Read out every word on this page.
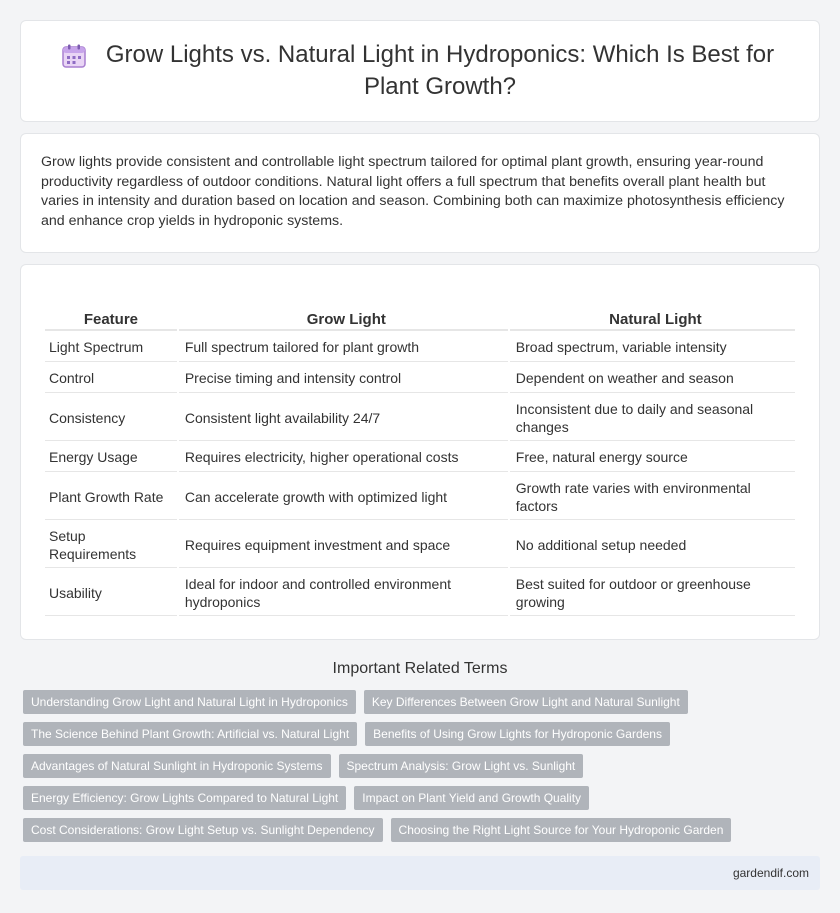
Grow Lights vs. Natural Light in Hydroponics: Which Is Best for Plant Growth?

Grow lights provide consistent and controllable light spectrum tailored for optimal plant growth, ensuring year-round productivity regardless of outdoor conditions. Natural light offers a full spectrum that benefits overall plant health but varies in intensity and duration based on location and season. Combining both can maximize photosynthesis efficiency and enhance crop yields in hydroponic systems.

Feature	Grow Light	Natural Light
Light Spectrum	Full spectrum tailored for plant growth	Broad spectrum, variable intensity
Control	Precise timing and intensity control	Dependent on weather and season
Consistency	Consistent light availability 24/7	Inconsistent due to daily and seasonal changes
Energy Usage	Requires electricity, higher operational costs	Free, natural energy source
Plant Growth Rate	Can accelerate growth with optimized light	Growth rate varies with environmental factors
Setup Requirements	Requires equipment investment and space	No additional setup needed
Usability	Ideal for indoor and controlled environment hydroponics	Best suited for outdoor or greenhouse growing
Important Related Terms
Understanding Grow Light and Natural Light in Hydroponics	Key Differences Between Grow Light and Natural Sunlight
The Science Behind Plant Growth: Artificial vs. Natural Light	Benefits of Using Grow Lights for Hydroponic Gardens
Advantages of Natural Sunlight in Hydroponic Systems	Spectrum Analysis: Grow Light vs. Sunlight
Energy Efficiency: Grow Lights Compared to Natural Light	Impact on Plant Yield and Growth Quality
Cost Considerations: Grow Light Setup vs. Sunlight Dependency	Choosing the Right Light Source for Your Hydroponic Garden
gardendif.com
